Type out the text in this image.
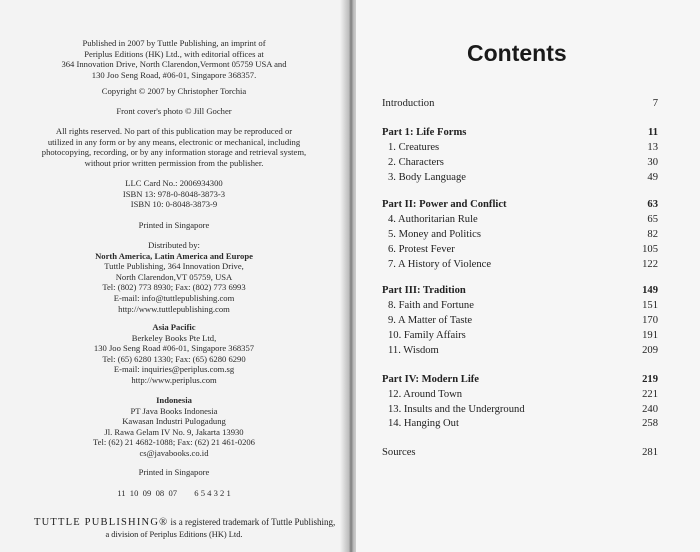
Published in 2007 by Tuttle Publishing, an imprint of
Periplus Editions (HK) Ltd., with editorial offices at
364 Innovation Drive, North Clarendon,Vermont 05759 USA and
130 Joo Seng Road, #06-01, Singapore 368357.
Copyright © 2007 by Christopher Torchia
Front cover's photo © Jill Gocher
All rights reserved. No part of this publication may be reproduced or
utilized in any form or by any means, electronic or mechanical, including
photocopying, recording, or by any information storage and retrieval system,
without prior written permission from the publisher.
LLC Card No.: 2006934300
ISBN 13: 978-0-8048-3873-3
ISBN 10: 0-8048-3873-9
Printed in Singapore
Distributed by:
North America, Latin America and Europe
Tuttle Publishing, 364 Innovation Drive,
North Clarendon,VT 05759, USA
Tel: (802) 773 8930; Fax: (802) 773 6993
E-mail: info@tuttlepublishing.com
http://www.tuttlepublishing.com
Asia Pacific
Berkeley Books Pte Ltd,
130 Joo Seng Road #06-01, Singapore 368357
Tel: (65) 6280 1330; Fax: (65) 6280 6290
E-mail: inquiries@periplus.com.sg
http://www.periplus.com
Indonesia
PT Java Books Indonesia
Kawasan Industri Pulogadung
Jl. Rawa Gelam IV No. 9, Jakarta 13930
Tel: (62) 21 4682-1088; Fax: (62) 21 461-0206
cs@javabooks.co.id
Printed in Singapore
11  10  09  08  07        6 5 4 3 2 1
TUTTLE PUBLISHING® is a registered trademark of Tuttle Publishing,
a division of Periplus Editions (HK) Ltd.
Contents
Introduction	7
Part 1: Life Forms	11
1. Creatures	13
2. Characters	30
3. Body Language	49
Part II: Power and Conflict	63
4. Authoritarian Rule	65
5. Money and Politics	82
6. Protest Fever	105
7. A History of Violence	122
Part III: Tradition	149
8. Faith and Fortune	151
9. A Matter of Taste	170
10. Family Affairs	191
11. Wisdom	209
Part IV: Modern Life	219
12. Around Town	221
13. Insults and the Underground	240
14. Hanging Out	258
Sources	281
